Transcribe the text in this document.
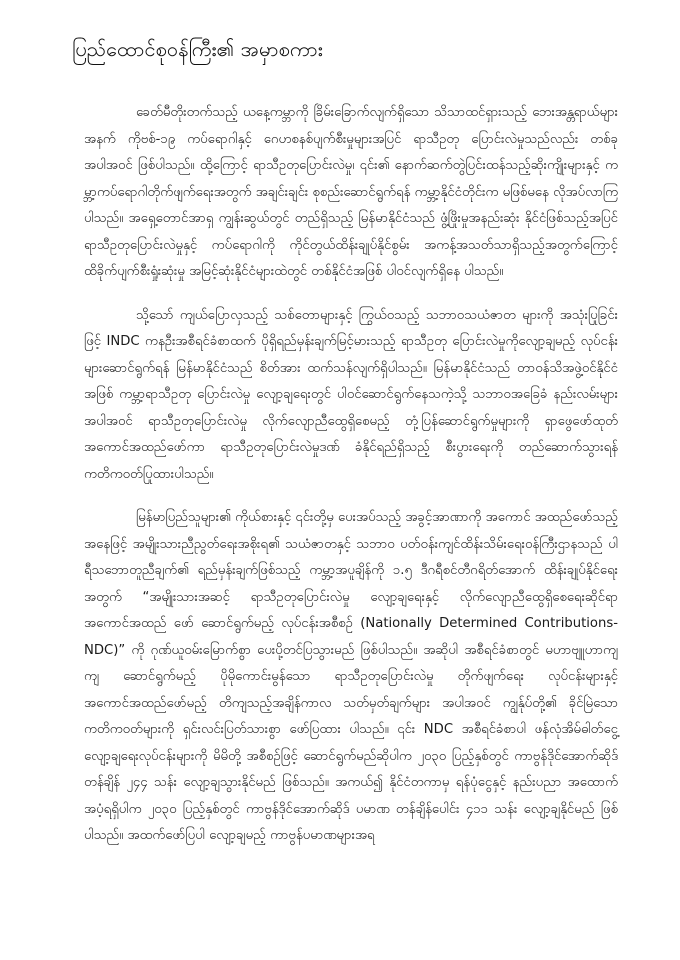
ပြည်ထောင်စုဝန်ကြီး၏ အမှာစကား

ခေတ်မီတိုးတက်သည့် ယနေ့ကမ္ဘာကို ခြိမ်းခြောက်လျက်ရှိသော သိသာထင်ရှားသည့် ဘေးအန္တရာယ်များအနက် ကိုဗစ်-၁၉ ကပ်ရောဂါနှင့် ဂေဟစနစ်ပျက်စီးမှုများအပြင် ရာသီဥတု ပြောင်းလဲမှုသည်လည်း တစ်ခုအပါအဝင် ဖြစ်ပါသည်။ ထို့ကြောင့် ရာသီဥတုပြောင်းလဲမှု၊ ၎င်း၏ နောက်ဆက်တွဲပြင်းထန်သည့်ဆိုးကျိုးများနှင့် ကမ္ဘာ့ကပ်ရောဂါတိုက်ဖျက်ရေးအတွက် အချင်းချင်း စုစည်းဆောင်ရွက်ရန် ကမ္ဘာ့နိုင်ငံတိုင်းက မဖြစ်မနေ လိုအပ်လာကြပါသည်။ အရှေ့တောင်အာရှ ကျွန်းဆွယ်တွင် တည်ရှိသည့် မြန်မာနိုင်ငံသည် ဖွံ့ဖြိုးမှုအနည်းဆုံး နိုင်ငံဖြစ်သည့်အပြင် ရာသီဥတုပြောင်းလဲမှုနှင့် ကပ်ရောဂါကို ကိုင်တွယ်ထိန်းချုပ်နိုင်စွမ်း အကန့်အသတ်သာရှိသည့်အတွက်ကြောင့် ထိခိုက်ပျက်စီးရှုံးဆုံးမှု အမြင့်ဆုံးနိုင်ငံများထဲတွင် တစ်နိုင်ငံအဖြစ် ပါဝင်လျက်ရှိနေ ပါသည်။

သို့သော် ကျယ်ပြောလှသည့် သစ်တောများနှင့် ကြွယ်ဝသည့် သဘာဝသယံဇာတ များကို အသုံးပြုခြင်းဖြင့် INDC ကနဦးအစီရင်ခံစာထက် ပိုရှိရည်မှန်းချက်မြင့်မားသည့် ရာသီဥတု ပြောင်းလဲမှုကိုလျော့ချမည့် လုပ်ငန်းများဆောင်ရွက်ရန် မြန်မာနိုင်ငံသည် စိတ်အား ထက်သန်လျက်ရှိပါသည်။ မြန်မာနိုင်ငံသည် တာဝန်သိအဖွဲ့ဝင်နိုင်ငံအဖြစ် ကမ္ဘာ့ရာသီဥတု ပြောင်းလဲမှု လျော့ချရေးတွင် ပါဝင်ဆောင်ရွက်နေသကဲ့သို့ သဘာဝအခြေခံ နည်းလမ်းများ အပါအဝင် ရာသီဥတုပြောင်းလဲမှု လိုက်လျောညီထွေရှိစေမည့် တုံ့ပြန်ဆောင်ရွက်မှုများကို ရှာဖွေဖော်ထုတ် အကောင်အထည်ဖော်ကာ ရာသီဥတုပြောင်းလဲမှုဒဏ် ခံနိုင်ရည်ရှိသည့် စီးပွားရေးကို တည်ဆောက်သွားရန် ကတိကဝတ်ပြုထားပါသည်။

မြန်မာပြည်သူများ၏ ကိုယ်စားနှင့် ၎င်းတို့မှ ပေးအပ်သည့် အခွင့်အာဏာကို အကောင် အထည်ဖော်သည့်အနေဖြင့် အမျိုးသားညီညွတ်ရေးအစိုးရ၏ သယံဇာတနှင့် သဘာဝ ပတ်ဝန်းကျင်ထိန်းသိမ်းရေးဝန်ကြီးဌာနသည် ပါရီသဘောတူညီချက်၏ ရည်မှန်းချက်ဖြစ်သည့် ကမ္ဘာ့အပူချိန်ကို ၁.၅ ဒီဂရီစင်တီဂရိတ်အောက် ထိန်းချုပ်နိုင်ရေးအတွက် “အမျိုးသားအဆင့် ရာသီဥတုပြောင်းလဲမှု လျော့ချရေးနှင့် လိုက်လျောညီထွေရှိစေရေးဆိုင်ရာ အကောင်အထည် ဖော် ဆောင်ရွက်မည့် လုပ်ငန်းအစီစဉ် (Nationally Determined Contributions- NDC)” ကို ဂုဏ်ယူဝမ်းမြောက်စွာ ပေးပို့တင်ပြသွားမည် ဖြစ်ပါသည်။ အဆိုပါ အစီရင်ခံစာတွင် မဟာဗျူဟာကျကျ ဆောင်ရွက်မည့် ပိုမိုကောင်းမွန်သော ရာသီဥတုပြောင်းလဲမှု တိုက်ဖျက်ရေး လုပ်ငန်းများနှင့် အကောင်အထည်ဖော်မည့် တိကျသည့်အချိန်ကာလ သတ်မှတ်ချက်များ အပါအဝင် ကျွန်ုပ်တို့၏ ခိုင်မြဲသော ကတိကဝတ်များကို ရှင်းလင်းပြတ်သားစွာ ဖော်ပြထား ပါသည်။ ၎င်း NDC အစီရင်ခံစာပါ ဖန်လုံအိမ်ဓါတ်ငွေ့ လျော့ချရေးလုပ်ငန်းများကို မိမိတို့ အစီစဉ်ဖြင့် ဆောင်ရွက်မည်ဆိုပါက ၂၀၃၀ ပြည့်နှစ်တွင် ကာဗွန်ဒိုင်အောက်ဆိုဒ်တန်ချိန် ၂၄၄ သန်း လျော့ချသွားနိုင်မည် ဖြစ်သည်။ အကယ်၍ နိုင်ငံတကာမှ ရန်ပုံငွေနှင့် နည်းပညာ အထောက် အပံ့ရရှိပါက ၂၀၃၀ ပြည့်နှစ်တွင် ကာဗွန်ဒိုင်အောက်ဆိုဒ် ပမာဏ တန်ချိန်ပေါင်း ၄၁၁ သန်း လျော့ချနိုင်မည် ဖြစ်ပါသည်။ အထက်ဖော်ပြပါ လျော့ချမည့် ကာဗွန်ပမာဏများအရ
